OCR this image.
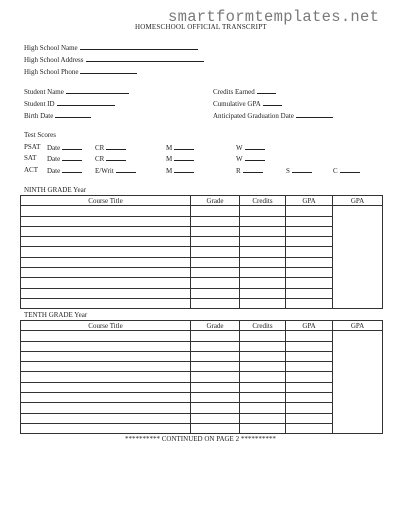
smartformtemplates.net
HOMESCHOOL OFFICIAL TRANSCRIPT
High School Name
High School Address
High School Phone
Student Name
Student ID
Birth Date
Credits Earned
Cumulative GPA
Anticipated Graduation Date
Test Scores
PSAT Date	CR	M	W
SAT Date	CR	M	W
ACT Date	E/Writ	M	R	S	C
NINTH GRADE Year
Course Title	Grade	Credits	GPA	GPA

TENTH GRADE Year
Course Title	Grade	Credits	GPA	GPA

********** CONTINUED ON PAGE 2 **********
